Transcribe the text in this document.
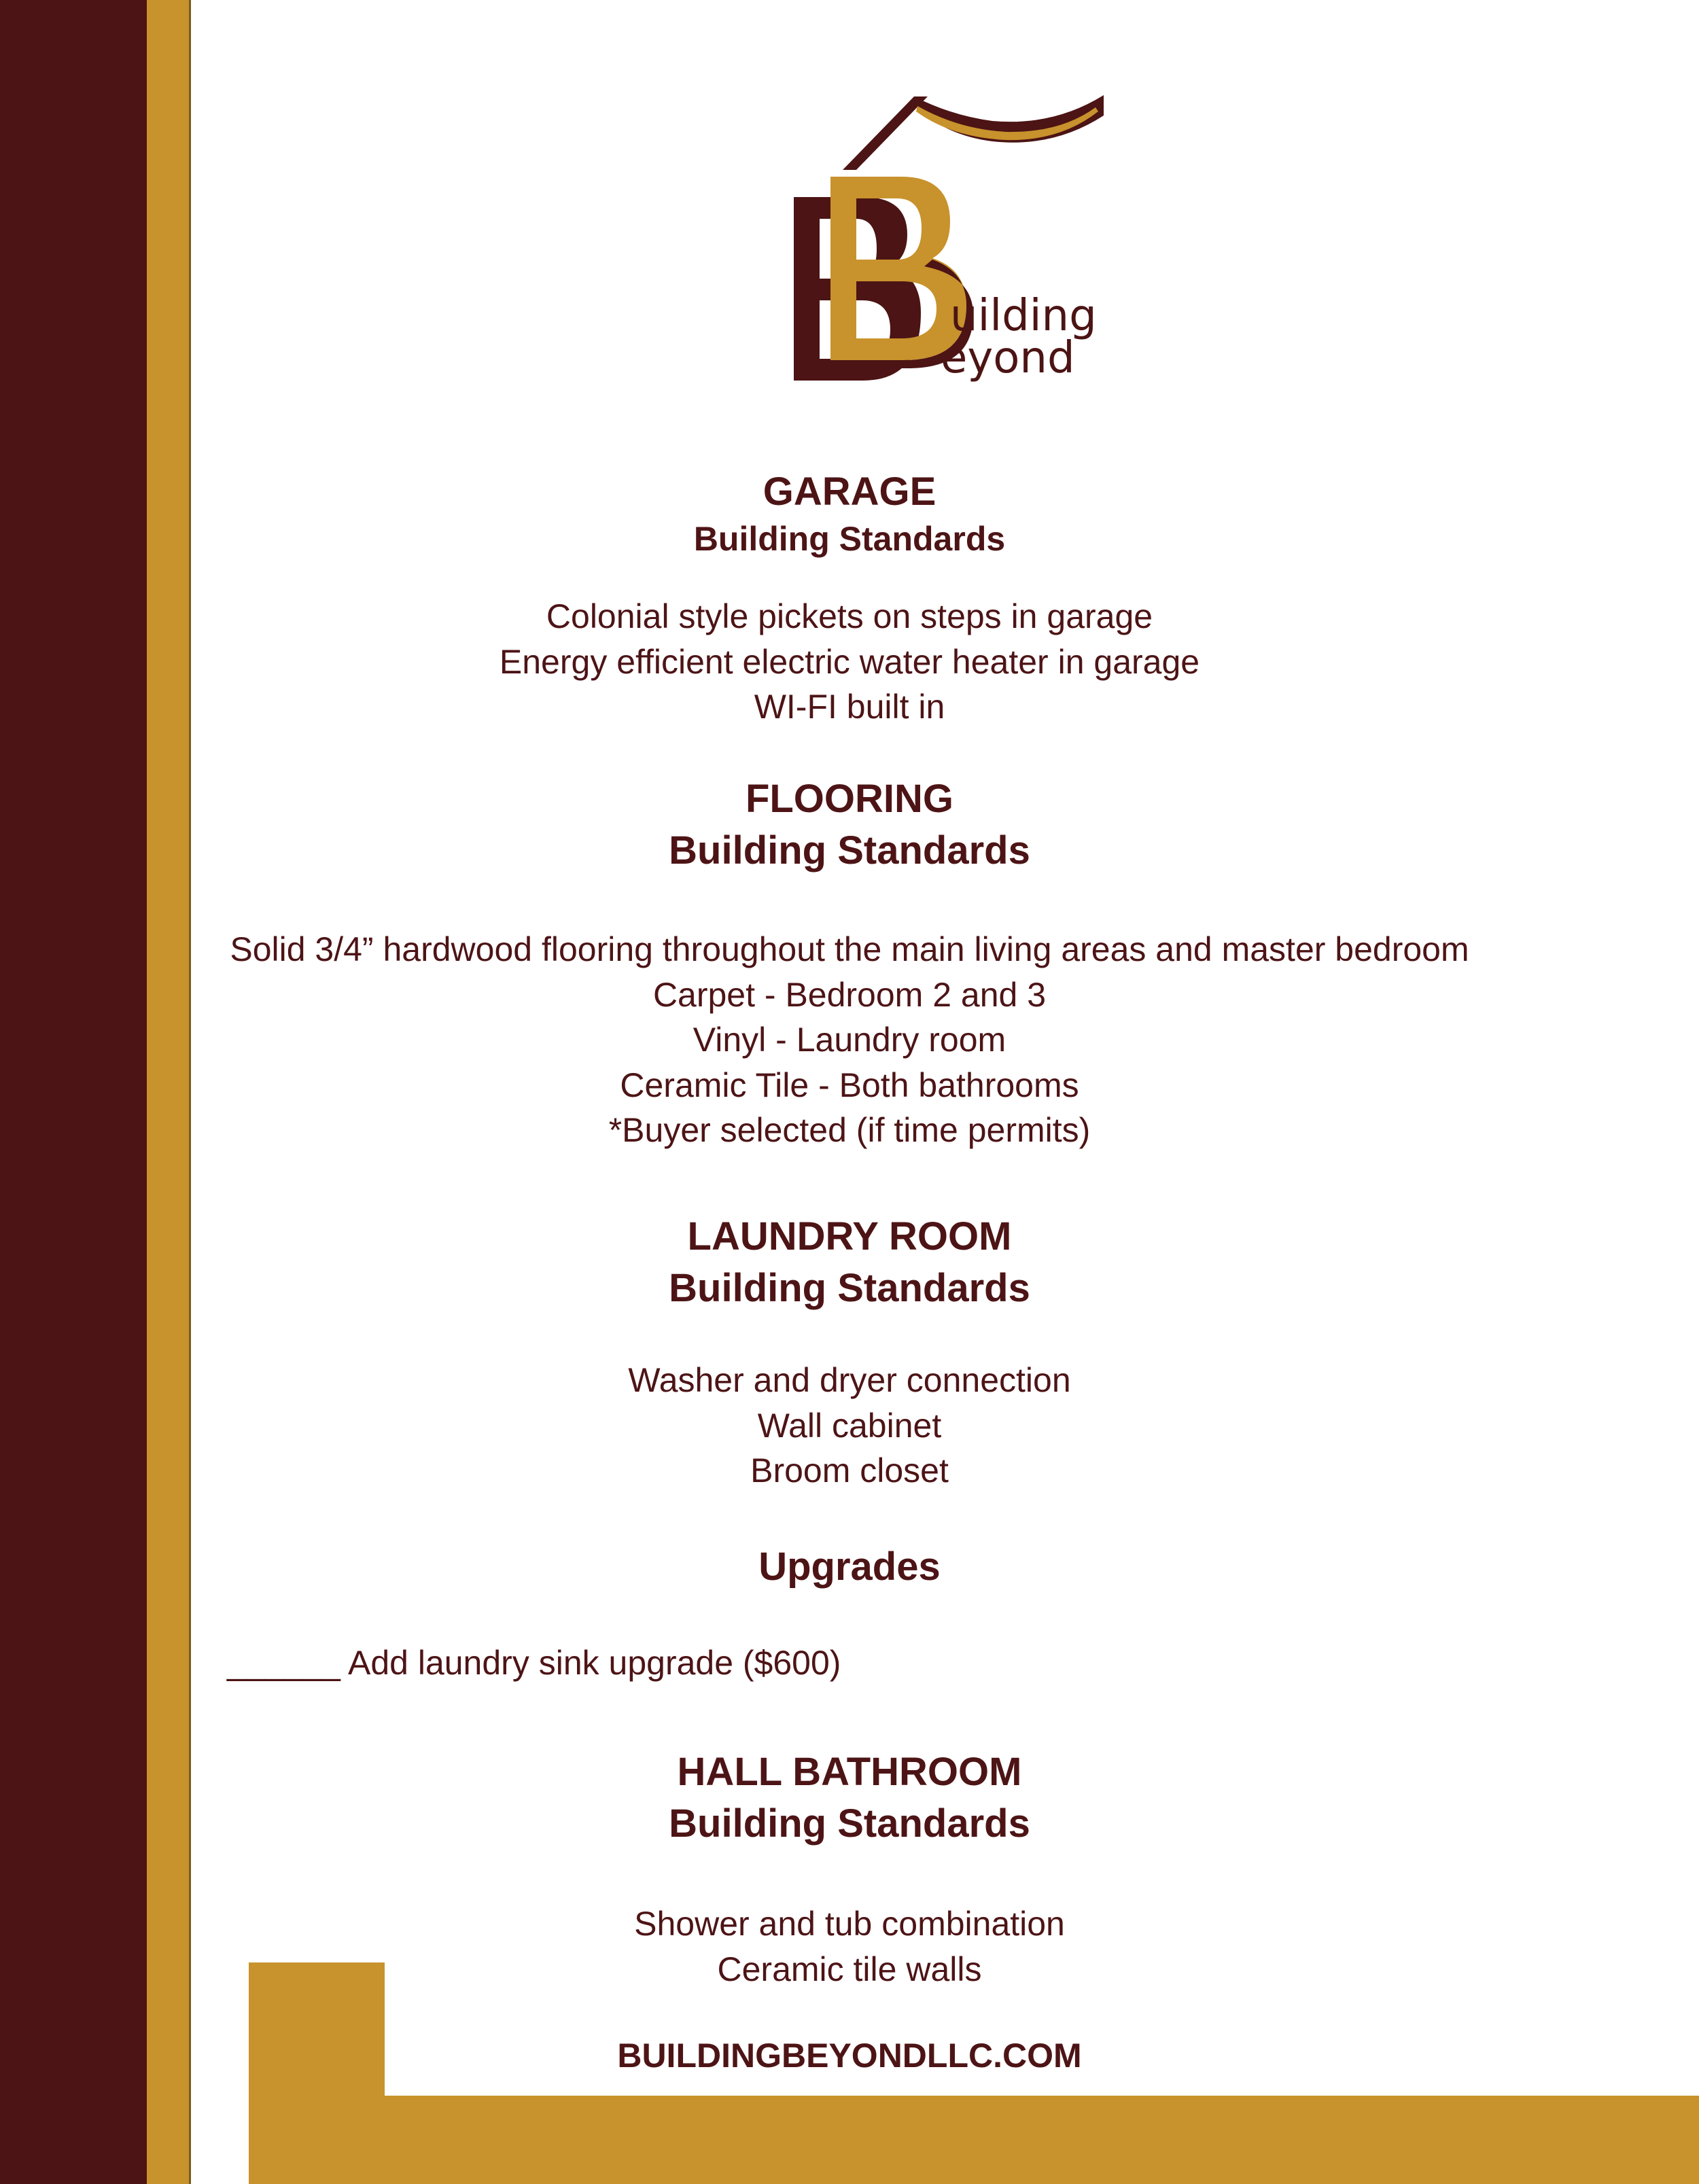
uilding
eyond
GARAGE
Building Standards
Colonial style pickets on steps in garage
Energy efficient electric water heater in garage
WI-FI built in
FLOORING
Building Standards
Solid 3/4” hardwood flooring throughout the main living areas and master bedroom
Carpet - Bedroom 2 and 3
Vinyl - Laundry room
Ceramic Tile - Both bathrooms
*Buyer selected (if time permits)
LAUNDRY ROOM
Building Standards
Washer and dryer connection
Wall cabinet
Broom closet
Upgrades
______ Add laundry sink upgrade ($600)
HALL BATHROOM
Building Standards
Shower and tub combination
Ceramic tile walls
BUILDINGBEYONDLLC.COM
